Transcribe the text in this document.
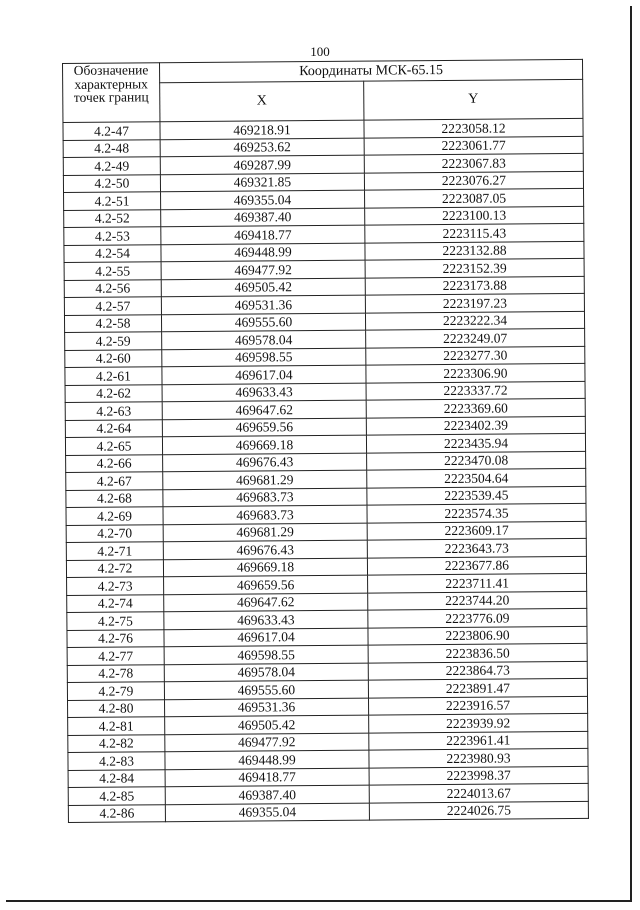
100
Обозначение характерных точек границ	Координаты МСК-65.15	
	X	Y
4.2-47	469218.91	2223058.12
4.2-48	469253.62	2223061.77
4.2-49	469287.99	2223067.83
4.2-50	469321.85	2223076.27
4.2-51	469355.04	2223087.05
4.2-52	469387.40	2223100.13
4.2-53	469418.77	2223115.43
4.2-54	469448.99	2223132.88
4.2-55	469477.92	2223152.39
4.2-56	469505.42	2223173.88
4.2-57	469531.36	2223197.23
4.2-58	469555.60	2223222.34
4.2-59	469578.04	2223249.07
4.2-60	469598.55	2223277.30
4.2-61	469617.04	2223306.90
4.2-62	469633.43	2223337.72
4.2-63	469647.62	2223369.60
4.2-64	469659.56	2223402.39
4.2-65	469669.18	2223435.94
4.2-66	469676.43	2223470.08
4.2-67	469681.29	2223504.64
4.2-68	469683.73	2223539.45
4.2-69	469683.73	2223574.35
4.2-70	469681.29	2223609.17
4.2-71	469676.43	2223643.73
4.2-72	469669.18	2223677.86
4.2-73	469659.56	2223711.41
4.2-74	469647.62	2223744.20
4.2-75	469633.43	2223776.09
4.2-76	469617.04	2223806.90
4.2-77	469598.55	2223836.50
4.2-78	469578.04	2223864.73
4.2-79	469555.60	2223891.47
4.2-80	469531.36	2223916.57
4.2-81	469505.42	2223939.92
4.2-82	469477.92	2223961.41
4.2-83	469448.99	2223980.93
4.2-84	469418.77	2223998.37
4.2-85	469387.40	2224013.67
4.2-86	469355.04	2224026.75
